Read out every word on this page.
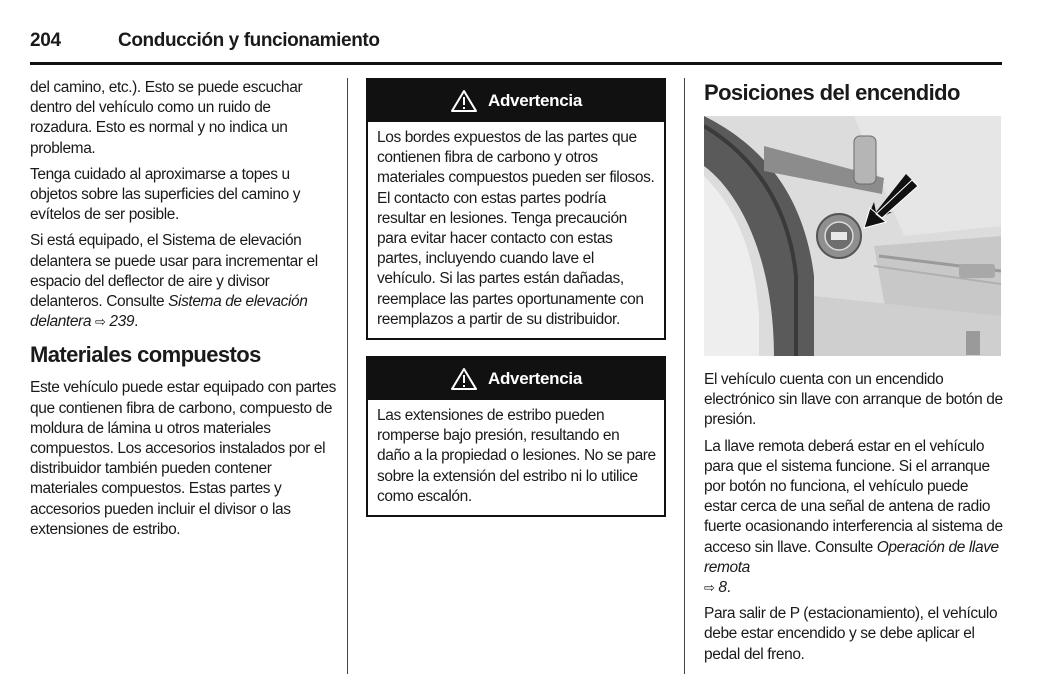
204	Conducción y funcionamiento

del camino, etc.). Esto se puede escuchar dentro del vehículo como un ruido de rozadura. Esto es normal y no indica un problema.

Tenga cuidado al aproximarse a topes u objetos sobre las superficies del camino y evítelos de ser posible.

Si está equipado, el Sistema de elevación delantera se puede usar para incrementar el espacio del deflector de aire y divisor delanteros. Consulte Sistema de elevación delantera ⇨ 239.

Materiales compuestos

Este vehículo puede estar equipado con partes que contienen fibra de carbono, compuesto de moldura de lámina u otros materiales compuestos. Los accesorios instalados por el distribuidor también pueden contener materiales compuestos. Estas partes y accesorios pueden incluir el divisor o las extensiones de estribo.

Advertencia
Los bordes expuestos de las partes que contienen fibra de carbono y otros materiales compuestos pueden ser filosos. El contacto con estas partes podría resultar en lesiones. Tenga precaución para evitar hacer contacto con estas partes, incluyendo cuando lave el vehículo. Si las partes están dañadas, reemplace las partes oportunamente con reemplazos a partir de su distribuidor.
Advertencia
Las extensiones de estribo pueden romperse bajo presión, resultando en daño a la propiedad o lesiones. No se pare sobre la extensión del estribo ni lo utilice como escalón.
Posiciones del encendido

El vehículo cuenta con un encendido electrónico sin llave con arranque de botón de presión.

La llave remota deberá estar en el vehículo para que el sistema funcione. Si el arranque por botón no funciona, el vehículo puede estar cerca de una señal de antena de radio fuerte ocasionando interferencia al sistema de acceso sin llave. Consulte Operación de llave remota
⇨ 8.

Para salir de P (estacionamiento), el vehículo debe estar encendido y se debe aplicar el pedal del freno.
